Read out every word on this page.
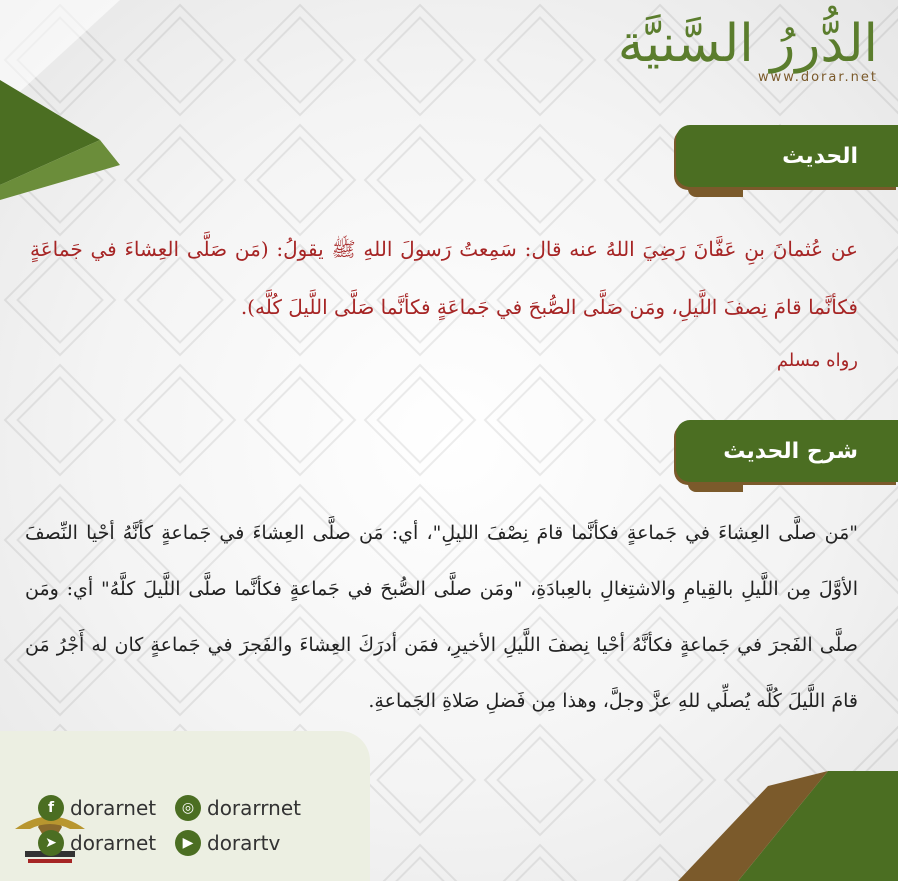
الدُّررُ السَّنيَّة
www.dorar.net
الحديث
عن عُثمانَ بنِ عَفَّانَ رَضِيَ اللهُ عنه قال: سَمِعتُ رَسولَ اللهِ ﷺ يقولُ: (مَن صَلَّى العِشاءَ في جَماعَةٍ فكأنَّما قامَ نِصفَ اللَّيلِ، ومَن صَلَّى الصُّبحَ في جَماعَةٍ فكأنَّما صَلَّى اللَّيلَ كُلَّه).
رواه مسلم
شرح الحديث
"مَن صلَّى العِشاءَ في جَماعةٍ فكأنَّما قامَ نِصْفَ الليلِ"، أي: مَن صلَّى العِشاءَ في جَماعةٍ كأنَّهُ أحْيا النِّصفَ الأوَّلَ مِن اللَّيلِ بالقِيامِ والاشتِغالِ بالعِبادَةِ، "ومَن صلَّى الصُّبحَ في جَماعةٍ فكأنَّما صلَّى اللَّيلَ كلَّهُ" أي: ومَن صلَّى الفَجرَ في جَماعةٍ فكأنَّهُ أحْيا نِصفَ اللَّيلِ الأخيرِ، فمَن أدرَكَ العِشاءَ والفَجرَ في جَماعةٍ كان له أَجْرُ مَن قامَ اللَّيلَ كُلَّه يُصلِّي للهِ عزَّ وجلَّ، وهذا مِن فَضلِ صَلاةِ الجَماعةِ.
f dorarnet	◎ dorarrnet
➤ dorarnet	▶ dorartv
